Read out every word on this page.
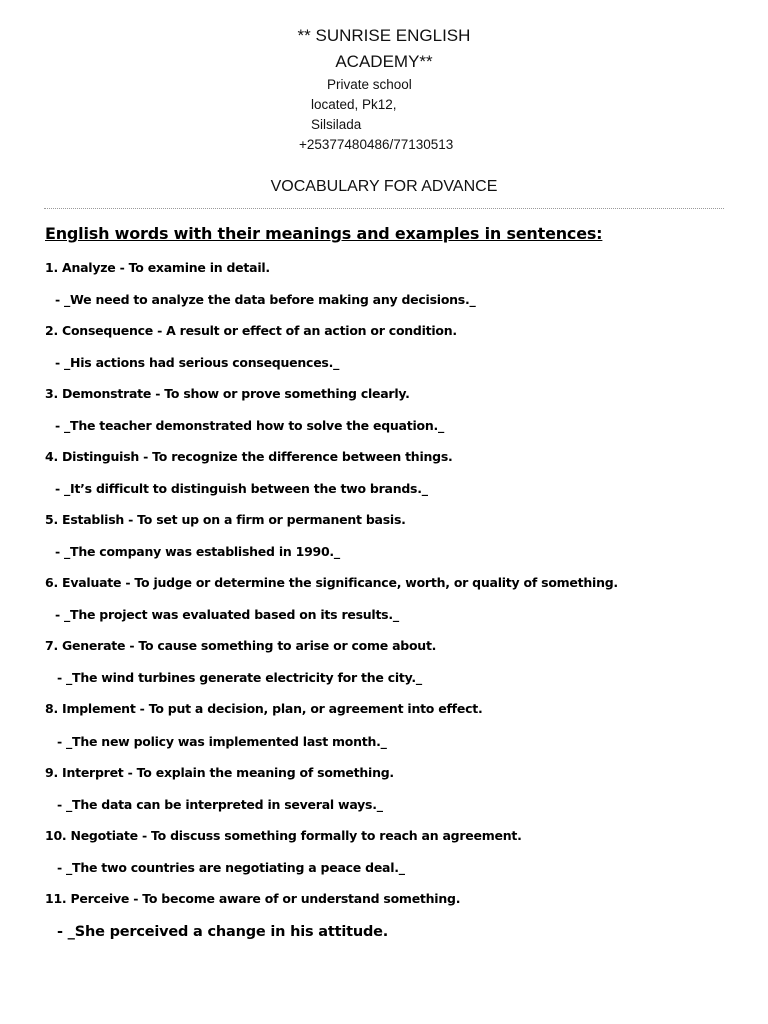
** SUNRISE ENGLISH
ACADEMY**
Private school
located, Pk12,
Silsilada
+25377480486/77130513
VOCABULARY FOR ADVANCE
English words with their meanings and examples in sentences:
1. Analyze - To examine in detail.
- _We need to analyze the data before making any decisions._
2. Consequence - A result or effect of an action or condition.
- _His actions had serious consequences._
3. Demonstrate - To show or prove something clearly.
- _The teacher demonstrated how to solve the equation._
4. Distinguish - To recognize the difference between things.
- _It’s difficult to distinguish between the two brands._
5. Establish - To set up on a firm or permanent basis.
- _The company was established in 1990._
6. Evaluate - To judge or determine the significance, worth, or quality of something.
- _The project was evaluated based on its results._
7. Generate - To cause something to arise or come about.
- _The wind turbines generate electricity for the city._
8. Implement - To put a decision, plan, or agreement into effect.
- _The new policy was implemented last month._
9. Interpret - To explain the meaning of something.
- _The data can be interpreted in several ways._
10. Negotiate - To discuss something formally to reach an agreement.
- _The two countries are negotiating a peace deal._
11. Perceive - To become aware of or understand something.
- _She perceived a change in his attitude.
